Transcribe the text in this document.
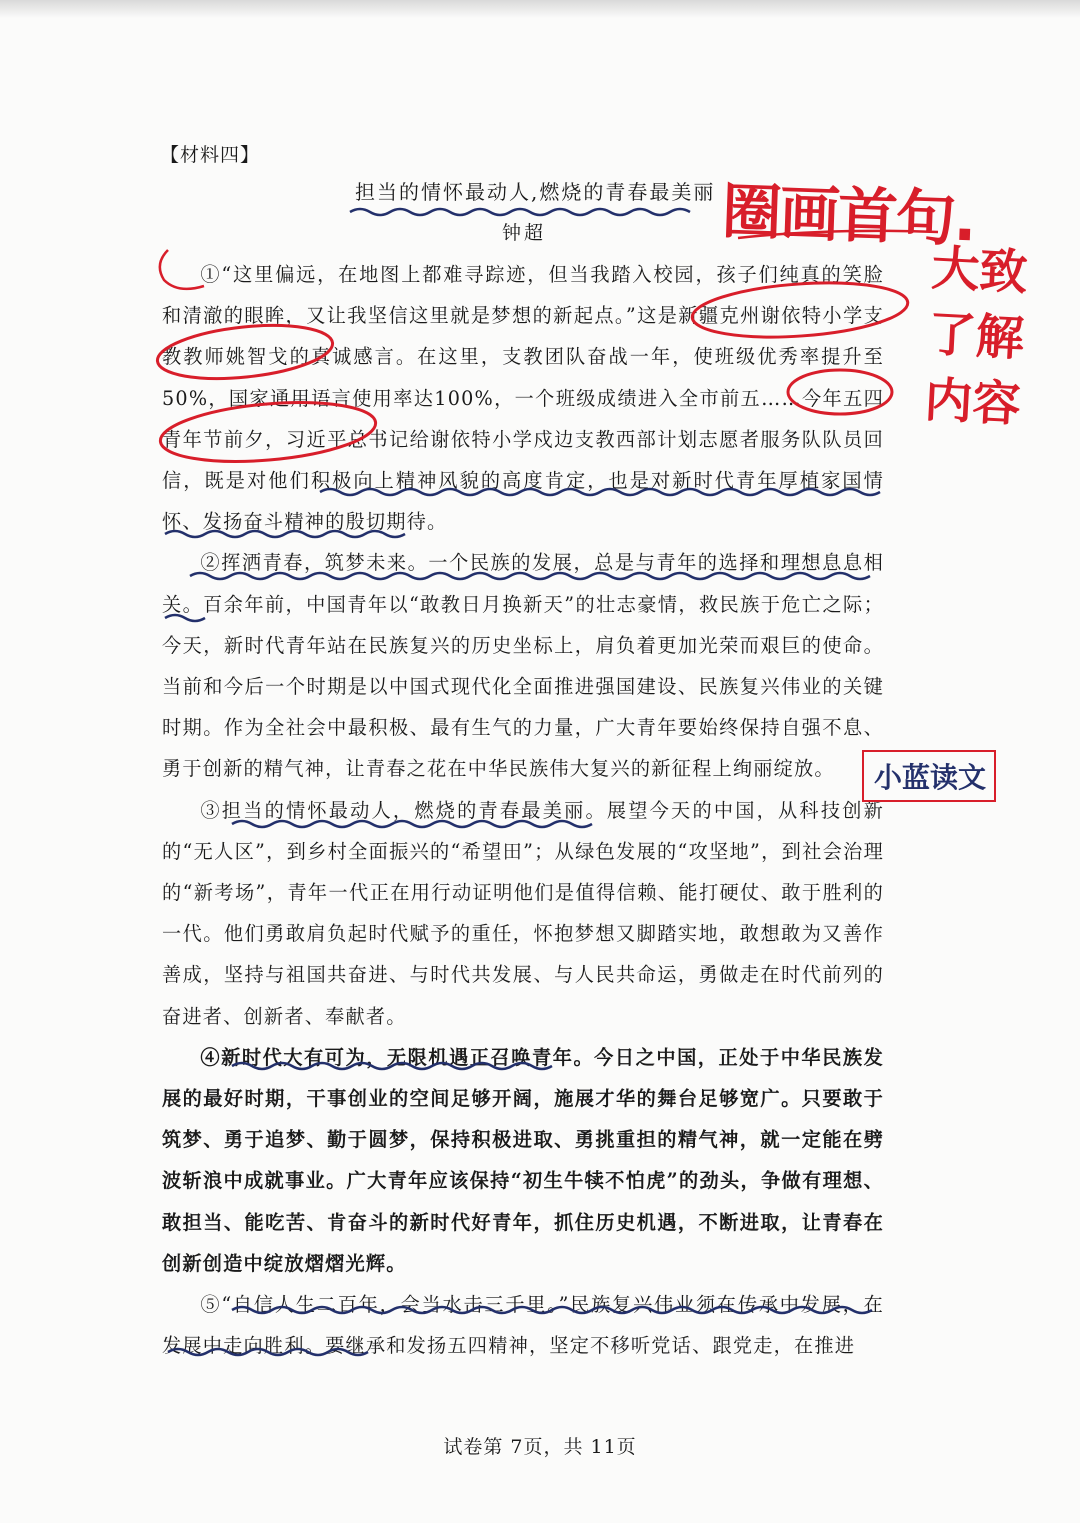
【材料四】
担当的情怀最动人,燃烧的青春最美丽
钟超

①“这里偏远，在地图上都难寻踪迹，但当我踏入校园，孩子们纯真的笑脸和清澈的眼眸，又让我坚信这里就是梦想的新起点。”这是新疆克州谢依特小学支教教师姚智戈的真诚感言。在这里，支教团队奋战一年，使班级优秀率提升至50%，国家通用语言使用率达100%，一个班级成绩进入全市前五……今年五四青年节前夕，习近平总书记给谢依特小学戍边支教西部计划志愿者服务队队员回信，既是对他们积极向上精神风貌的高度肯定，也是对新时代青年厚植家国情怀、发扬奋斗精神的殷切期待。

②挥洒青春，筑梦未来。一个民族的发展，总是与青年的选择和理想息息相关。百余年前，中国青年以“敢教日月换新天”的壮志豪情，救民族于危亡之际；今天，新时代青年站在民族复兴的历史坐标上，肩负着更加光荣而艰巨的使命。当前和今后一个时期是以中国式现代化全面推进强国建设、民族复兴伟业的关键时期。作为全社会中最积极、最有生气的力量，广大青年要始终保持自强不息、勇于创新的精气神，让青春之花在中华民族伟大复兴的新征程上绚丽绽放。

③担当的情怀最动人，燃烧的青春最美丽。展望今天的中国，从科技创新的“无人区”，到乡村全面振兴的“希望田”；从绿色发展的“攻坚地”，到社会治理的“新考场”，青年一代正在用行动证明他们是值得信赖、能打硬仗、敢于胜利的一代。他们勇敢肩负起时代赋予的重任，怀抱梦想又脚踏实地，敢想敢为又善作善成，坚持与祖国共奋进、与时代共发展、与人民共命运，勇做走在时代前列的奋进者、创新者、奉献者。

④新时代大有可为，无限机遇正召唤青年。今日之中国，正处于中华民族发展的最好时期，干事创业的空间足够开阔，施展才华的舞台足够宽广。只要敢于筑梦、勇于追梦、勤于圆梦，保持积极进取、勇挑重担的精气神，就一定能在劈波斩浪中成就事业。广大青年应该保持“初生牛犊不怕虎”的劲头，争做有理想、敢担当、能吃苦、肯奋斗的新时代好青年，抓住历史机遇，不断进取，让青春在创新创造中绽放熠熠光辉。

⑤“自信人生二百年，会当水击三千里。”民族复兴伟业须在传承中发展，在发展中走向胜利。要继承和发扬五四精神，坚定不移听党话、跟党走，在推进

圈画首句.
大致了解内容
小蓝读文
试卷第 7页，共 11页
